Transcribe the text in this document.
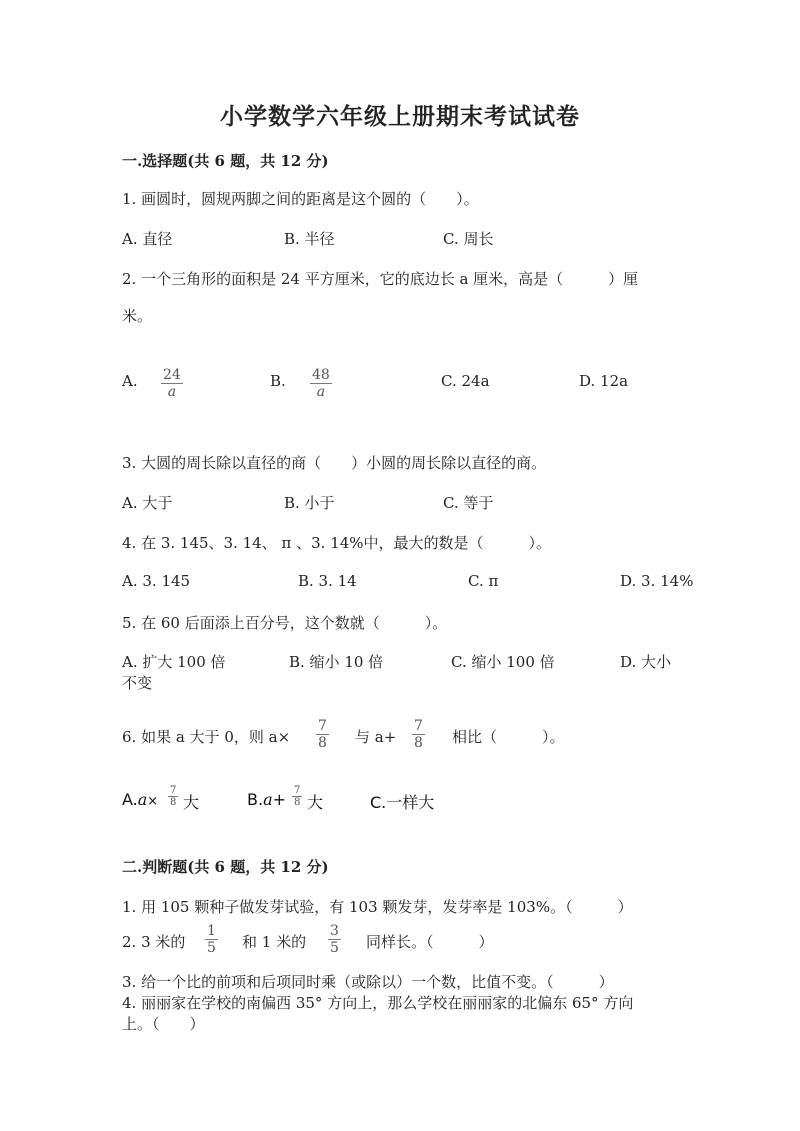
小学数学六年级上册期末考试试卷
一.选择题(共 6 题，共 12 分)
1. 画圆时，圆规两脚之间的距离是这个圆的（　　）。
A. 直径	B. 半径	C. 周长
2. 一个三角形的面积是 24 平方厘米，它的底边长 a 厘米，高是（　　　）厘
米。
A. 24
a
B. 48
a
C. 24a	D. 12a
3. 大圆的周长除以直径的商（　　）小圆的周长除以直径的商。
A. 大于	B. 小于	C. 等于
4. 在 3. 145、3. 14、 π 、3. 14%中，最大的数是（　　　）。
A. 3. 145	B. 3. 14	C. π	D. 3. 14%
5. 在 60 后面添上百分号，这个数就（　　　）。
A. 扩大 100 倍	B. 缩小 10 倍	C. 缩小 100 倍	D. 大小
不变
6. 如果 a 大于 0，则 a×
7
8 与 a+
7
8 相比（　　　）。
A.a×
7
8 大	B.a+ 7
8 大	C.一样大
二.判断题(共 6 题，共 12 分)
1. 用 105 颗种子做发芽试验，有 103 颗发芽，发芽率是 103%。（　　　）
2. 3 米的
1
5 和 1 米的
3
5 同样长。（　　　）
3. 给一个比的前项和后项同时乘（或除以）一个数，比值不变。（　　　）
4. 丽丽家在学校的南偏西 35° 方向上，那么学校在丽丽家的北偏东 65° 方向
上。（　　）
